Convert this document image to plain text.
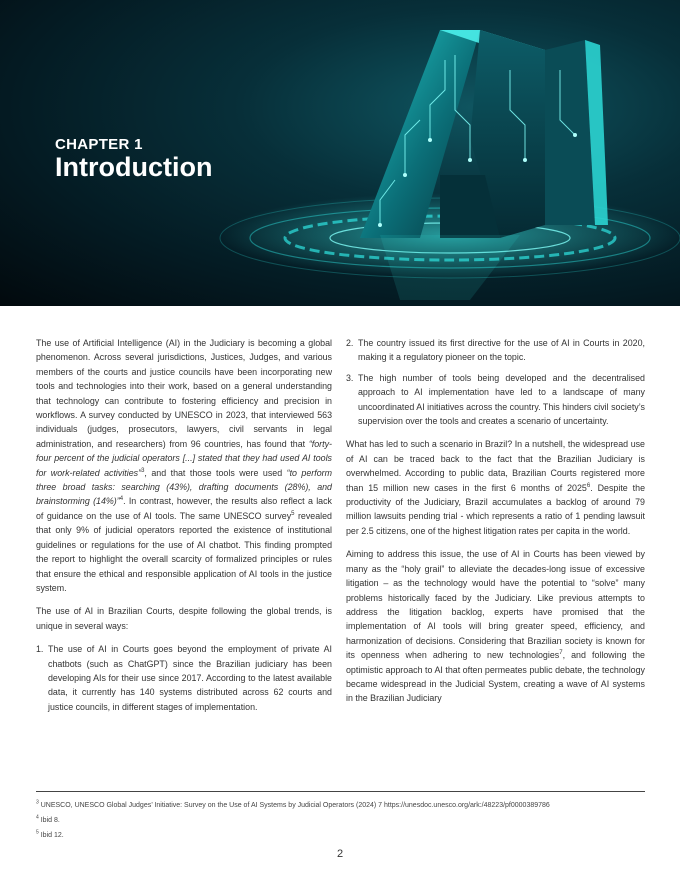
CHAPTER 1
Introduction

The use of Artificial Intelligence (AI) in the Judiciary is becoming a global phenomenon. Across several jurisdictions, Justices, Judges, and various members of the courts and justice councils have been incorporating new tools and technologies into their work, based on a general understanding that technology can contribute to fostering efficiency and precision in workflows. A survey conducted by UNESCO in 2023, that interviewed 563 individuals (judges, prosecutors, lawyers, civil servants in legal administration, and researchers) from 96 countries, has found that “forty-four percent of the judicial operators [...] stated that they had used AI tools for work-related activities”$^3$, and that those tools were used “to perform three broad tasks: searching (43%), drafting documents (28%), and brainstorming (14%)”$^4$. In contrast, however, the results also reflect a lack of guidance on the use of AI tools. The same UNESCO survey$^5$ revealed that only 9% of judicial operators reported the existence of institutional guidelines or regulations for the use of AI chatbot. This finding prompted the report to highlight the overall scarcity of formalized principles or rules that ensure the ethical and responsible application of AI tools in the justice system.

The use of AI in Brazilian Courts, despite following the global trends, is unique in several ways:

1. The use of AI in Courts goes beyond the employment of private AI chatbots (such as ChatGPT) since the Brazilian judiciary has been developing AIs for their use since 2017. According to the latest available data, it currently has 140 systems distributed across 62 courts and justice councils, in different stages of implementation.
2. The country issued its first directive for the use of AI in Courts in 2020, making it a regulatory pioneer on the topic.
3. The high number of tools being developed and the decentralised approach to AI implementation have led to a landscape of many uncoordinated AI initiatives across the country. This hinders civil society’s supervision over the tools and creates a scenario of uncertainty.

What has led to such a scenario in Brazil? In a nutshell, the widespread use of AI can be traced back to the fact that the Brazilian Judiciary is overwhelmed. According to public data, Brazilian Courts registered more than 15 million new cases in the first 6 months of 2025$^6$. Despite the productivity of the Judiciary, Brazil accumulates a backlog of around 79 million lawsuits pending trial - which represents a ratio of 1 pending lawsuit per 2.5 citizens, one of the highest litigation rates per capita in the world.

Aiming to address this issue, the use of AI in Courts has been viewed by many as the “holy grail” to alleviate the decades-long issue of excessive litigation – as the technology would have the potential to “solve” many problems historically faced by the Judiciary. Like previous attempts to address the litigation backlog, experts have promised that the implementation of AI tools will bring greater speed, efficiency, and harmonization of decisions. Considering that Brazilian society is known for its openness when adhering to new technologies$^7$, and following the optimistic approach to AI that often permeates public debate, the technology became widespread in the Judicial System, creating a wave of AI systems in the Brazilian Judiciary

$^3$ UNESCO, UNESCO Global Judges’ Initiative: Survey on the Use of AI Systems by Judicial Operators (2024) 7 https://unesdoc.unesco.org/ark:/48223/pf0000389786
$^4$ Ibid 8.
$^5$ Ibid 12.
2
